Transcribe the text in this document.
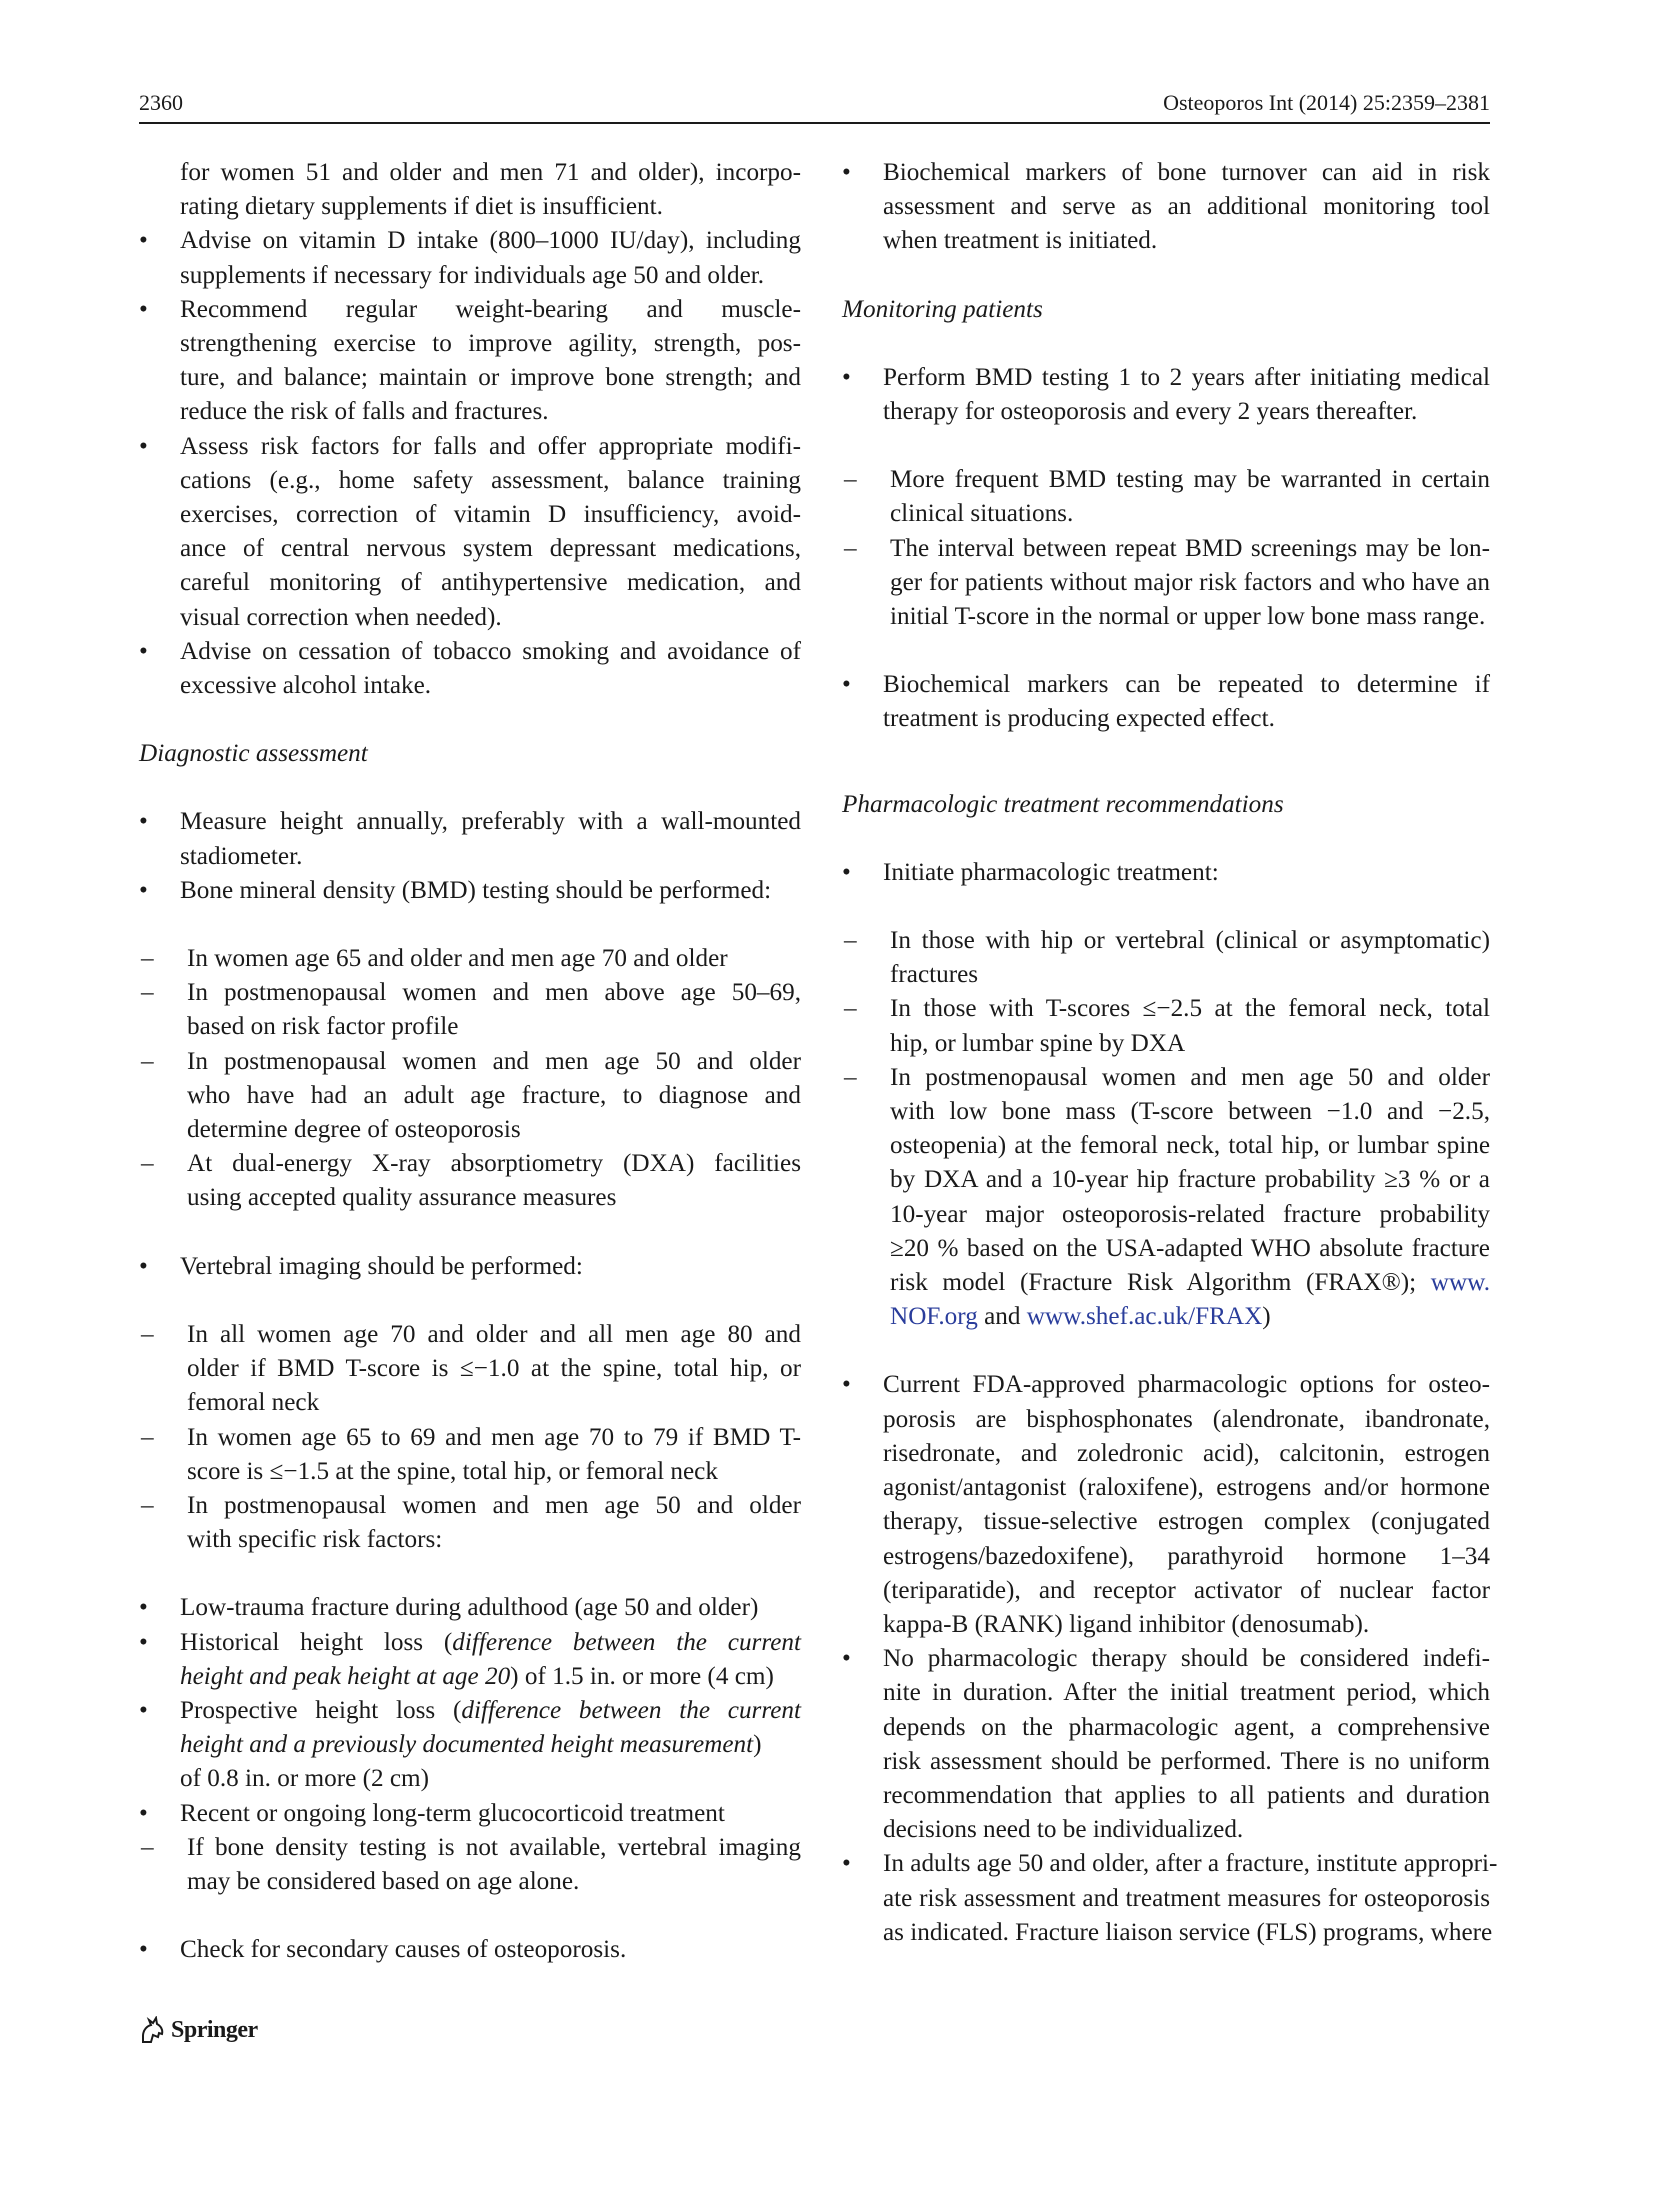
2360	Osteoporos Int (2014) 25:2359–2381

for women 51 and older and men 71 and older), incorpo-

rating dietary supplements if diet is insufficient.

• Advise on vitamin D intake (800–1000 IU/day), including

supplements if necessary for individuals age 50 and older.

• Recommend regular weight-bearing and muscle-

strengthening exercise to improve agility, strength, pos-

ture, and balance; maintain or improve bone strength; and

reduce the risk of falls and fractures.

• Assess risk factors for falls and offer appropriate modifi-

cations (e.g., home safety assessment, balance training

exercises, correction of vitamin D insufficiency, avoid-

ance of central nervous system depressant medications,

careful monitoring of antihypertensive medication, and

visual correction when needed).

• Advise on cessation of tobacco smoking and avoidance of

excessive alcohol intake.

Diagnostic assessment

• Measure height annually, preferably with a wall-mounted

stadiometer.

• Bone mineral density (BMD) testing should be performed:

– In women age 65 and older and men age 70 and older

– In postmenopausal women and men above age 50–69,

based on risk factor profile

– In postmenopausal women and men age 50 and older

who have had an adult age fracture, to diagnose and

determine degree of osteoporosis

– At dual-energy X-ray absorptiometry (DXA) facilities

using accepted quality assurance measures

• Vertebral imaging should be performed:

– In all women age 70 and older and all men age 80 and

older if BMD T-score is ≤−1.0 at the spine, total hip, or

femoral neck

– In women age 65 to 69 and men age 70 to 79 if BMD T-

score is ≤−1.5 at the spine, total hip, or femoral neck

– In postmenopausal women and men age 50 and older

with specific risk factors:

• Low-trauma fracture during adulthood (age 50 and older)

• Historical height loss (difference between the current

height and peak height at age 20) of 1.5 in. or more (4 cm)

• Prospective height loss (difference between the current

height and a previously documented height measurement)

of 0.8 in. or more (2 cm)

• Recent or ongoing long-term glucocorticoid treatment

– If bone density testing is not available, vertebral imaging

may be considered based on age alone.

• Check for secondary causes of osteoporosis.

• Biochemical markers of bone turnover can aid in risk

assessment and serve as an additional monitoring tool

when treatment is initiated.

Monitoring patients

• Perform BMD testing 1 to 2 years after initiating medical

therapy for osteoporosis and every 2 years thereafter.

– More frequent BMD testing may be warranted in certain

clinical situations.

– The interval between repeat BMD screenings may be lon-

ger for patients without major risk factors and who have an

initial T-score in the normal or upper low bone mass range.

• Biochemical markers can be repeated to determine if

treatment is producing expected effect.

Pharmacologic treatment recommendations

• Initiate pharmacologic treatment:

– In those with hip or vertebral (clinical or asymptomatic)

fractures

– In those with T-scores ≤−2.5 at the femoral neck, total

hip, or lumbar spine by DXA

– In postmenopausal women and men age 50 and older

with low bone mass (T-score between −1.0 and −2.5,

osteopenia) at the femoral neck, total hip, or lumbar spine

by DXA and a 10-year hip fracture probability ≥3 % or a

10-year major osteoporosis-related fracture probability

≥20 % based on the USA-adapted WHO absolute fracture

risk model (Fracture Risk Algorithm (FRAX®); www.

NOF.org and www.shef.ac.uk/FRAX)

• Current FDA-approved pharmacologic options for osteo-

porosis are bisphosphonates (alendronate, ibandronate,

risedronate, and zoledronic acid), calcitonin, estrogen

agonist/antagonist (raloxifene), estrogens and/or hormone

therapy, tissue-selective estrogen complex (conjugated

estrogens/bazedoxifene), parathyroid hormone 1–34

(teriparatide), and receptor activator of nuclear factor

kappa-B (RANK) ligand inhibitor (denosumab).

• No pharmacologic therapy should be considered indefi-

nite in duration. After the initial treatment period, which

depends on the pharmacologic agent, a comprehensive

risk assessment should be performed. There is no uniform

recommendation that applies to all patients and duration

decisions need to be individualized.

• In adults age 50 and older, after a fracture, institute appropri-

ate risk assessment and treatment measures for osteoporosis

as indicated. Fracture liaison service (FLS) programs, where

Springer
